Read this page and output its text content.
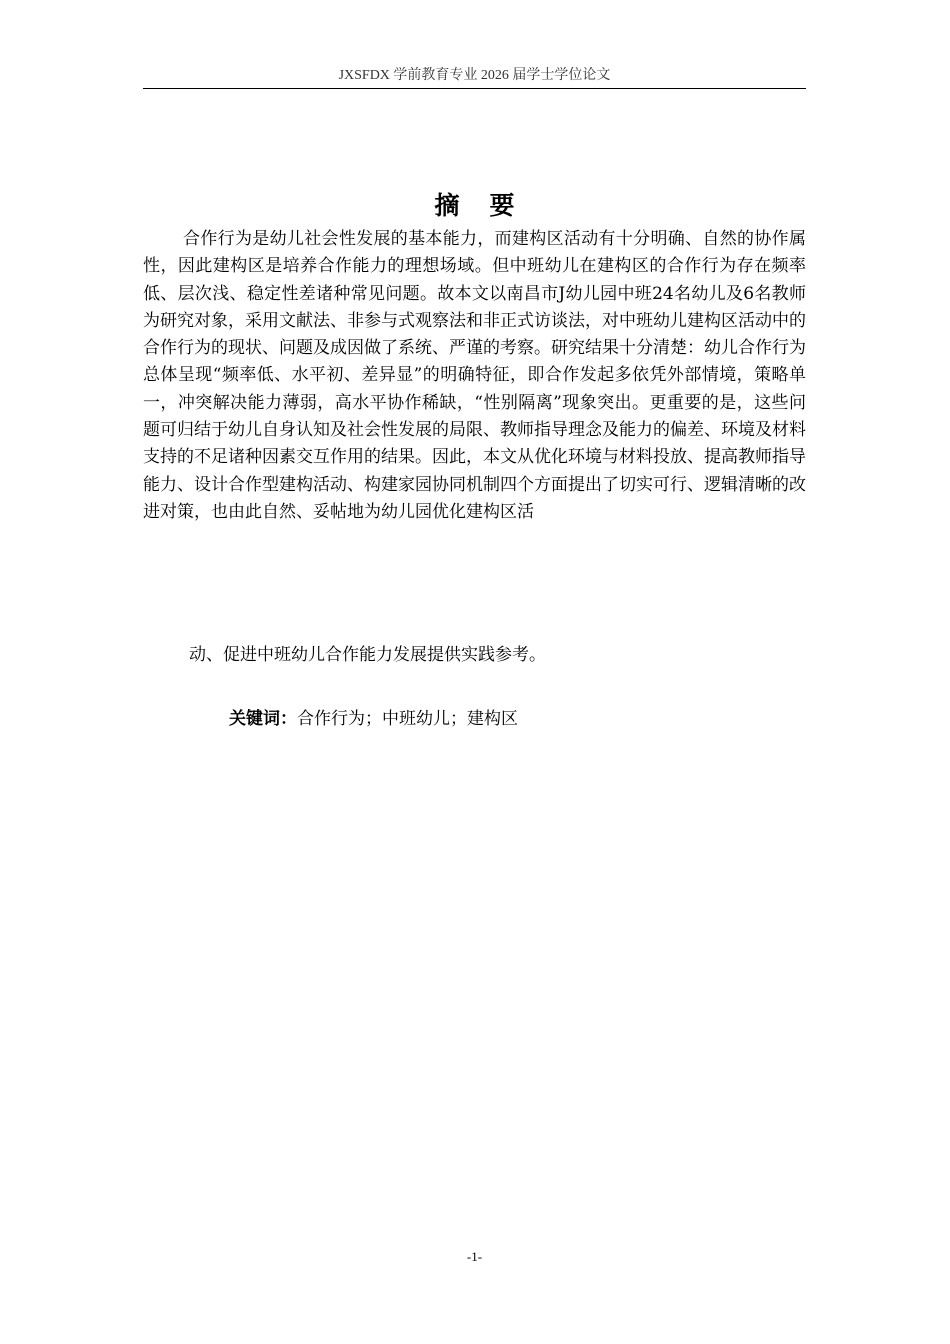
JXSFDX 学前教育专业 2026 届学士学位论文
摘要

合作行为是幼儿社会性发展的基本能力，而建构区活动有十分明确、自然的协作属性，因此建构区是培养合作能力的理想场域。但中班幼儿在建构区的合作行为存在频率低、层次浅、稳定性差诸种常见问题。故本文以南昌市J幼儿园中班24名幼儿及6名教师为研究对象，采用文献法、非参与式观察法和非正式访谈法，对中班幼儿建构区活动中的合作行为的现状、问题及成因做了系统、严谨的考察。研究结果十分清楚：幼儿合作行为总体呈现“频率低、水平初、差异显”的明确特征，即合作发起多依凭外部情境，策略单一，冲突解决能力薄弱，高水平协作稀缺，“性别隔离”现象突出。更重要的是，这些问题可归结于幼儿自身认知及社会性发展的局限、教师指导理念及能力的偏差、环境及材料支持的不足诸种因素交互作用的结果。因此，本文从优化环境与材料投放、提高教师指导能力、设计合作型建构活动、构建家园协同机制四个方面提出了切实可行、逻辑清晰的改进对策，也由此自然、妥帖地为幼儿园优化建构区活

动、促进中班幼儿合作能力发展提供实践参考。

关键词：合作行为；中班幼儿；建构区
-1-
